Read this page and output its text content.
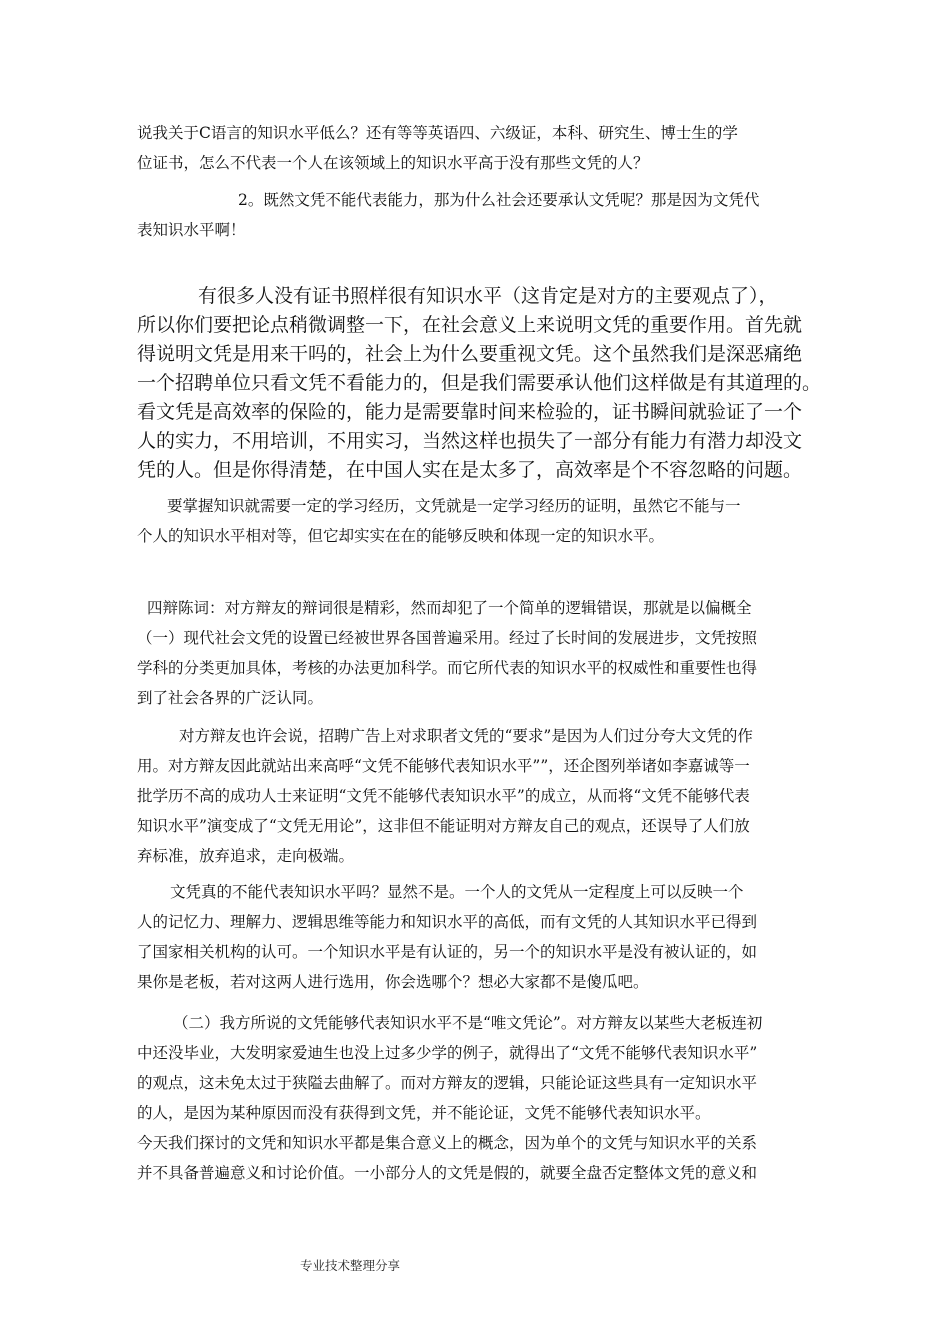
说我关于C语言的知识水平低么？还有等等英语四、六级证，本科、研究生、博士生的学
位证书，怎么不代表一个人在该领域上的知识水平高于没有那些文凭的人？
2。既然文凭不能代表能力，那为什么社会还要承认文凭呢？那是因为文凭代
表知识水平啊！
有很多人没有证书照样很有知识水平（这肯定是对方的主要观点了），
所以你们要把论点稍微调整一下，在社会意义上来说明文凭的重要作用。首先就
得说明文凭是用来干吗的，社会上为什么要重视文凭。这个虽然我们是深恶痛绝
一个招聘单位只看文凭不看能力的，但是我们需要承认他们这样做是有其道理的。
看文凭是高效率的保险的，能力是需要靠时间来检验的，证书瞬间就验证了一个
人的实力，不用培训，不用实习，当然这样也损失了一部分有能力有潜力却没文
凭的人。但是你得清楚，在中国人实在是太多了，高效率是个不容忽略的问题。
要掌握知识就需要一定的学习经历，文凭就是一定学习经历的证明，虽然它不能与一
个人的知识水平相对等，但它却实实在在的能够反映和体现一定的知识水平。
四辩陈词：对方辩友的辩词很是精彩，然而却犯了一个简单的逻辑错误，那就是以偏概全
（一）现代社会文凭的设置已经被世界各国普遍采用。经过了长时间的发展进步，文凭按照
学科的分类更加具体，考核的办法更加科学。而它所代表的知识水平的权威性和重要性也得
到了社会各界的广泛认同。
对方辩友也许会说，招聘广告上对求职者文凭的“要求”是因为人们过分夸大文凭的作
用。对方辩友因此就站出来高呼“文凭不能够代表知识水平””，还企图列举诸如李嘉诚等一
批学历不高的成功人士来证明“文凭不能够代表知识水平”的成立，从而将“文凭不能够代表
知识水平”演变成了“文凭无用论”，这非但不能证明对方辩友自己的观点，还误导了人们放
弃标准，放弃追求，走向极端。
文凭真的不能代表知识水平吗？显然不是。一个人的文凭从一定程度上可以反映一个
人的记忆力、理解力、逻辑思维等能力和知识水平的高低，而有文凭的人其知识水平已得到
了国家相关机构的认可。一个知识水平是有认证的，另一个的知识水平是没有被认证的，如
果你是老板，若对这两人进行选用，你会选哪个？想必大家都不是傻瓜吧。
（二）我方所说的文凭能够代表知识水平不是“唯文凭论”。对方辩友以某些大老板连初
中还没毕业，大发明家爱迪生也没上过多少学的例子，就得出了“文凭不能够代表知识水平”
的观点，这未免太过于狭隘去曲解了。而对方辩友的逻辑，只能论证这些具有一定知识水平
的人，是因为某种原因而没有获得到文凭，并不能论证，文凭不能够代表知识水平。
今天我们探讨的文凭和知识水平都是集合意义上的概念，因为单个的文凭与知识水平的关系
并不具备普遍意义和讨论价值。一小部分人的文凭是假的，就要全盘否定整体文凭的意义和
专业技术整理分享
